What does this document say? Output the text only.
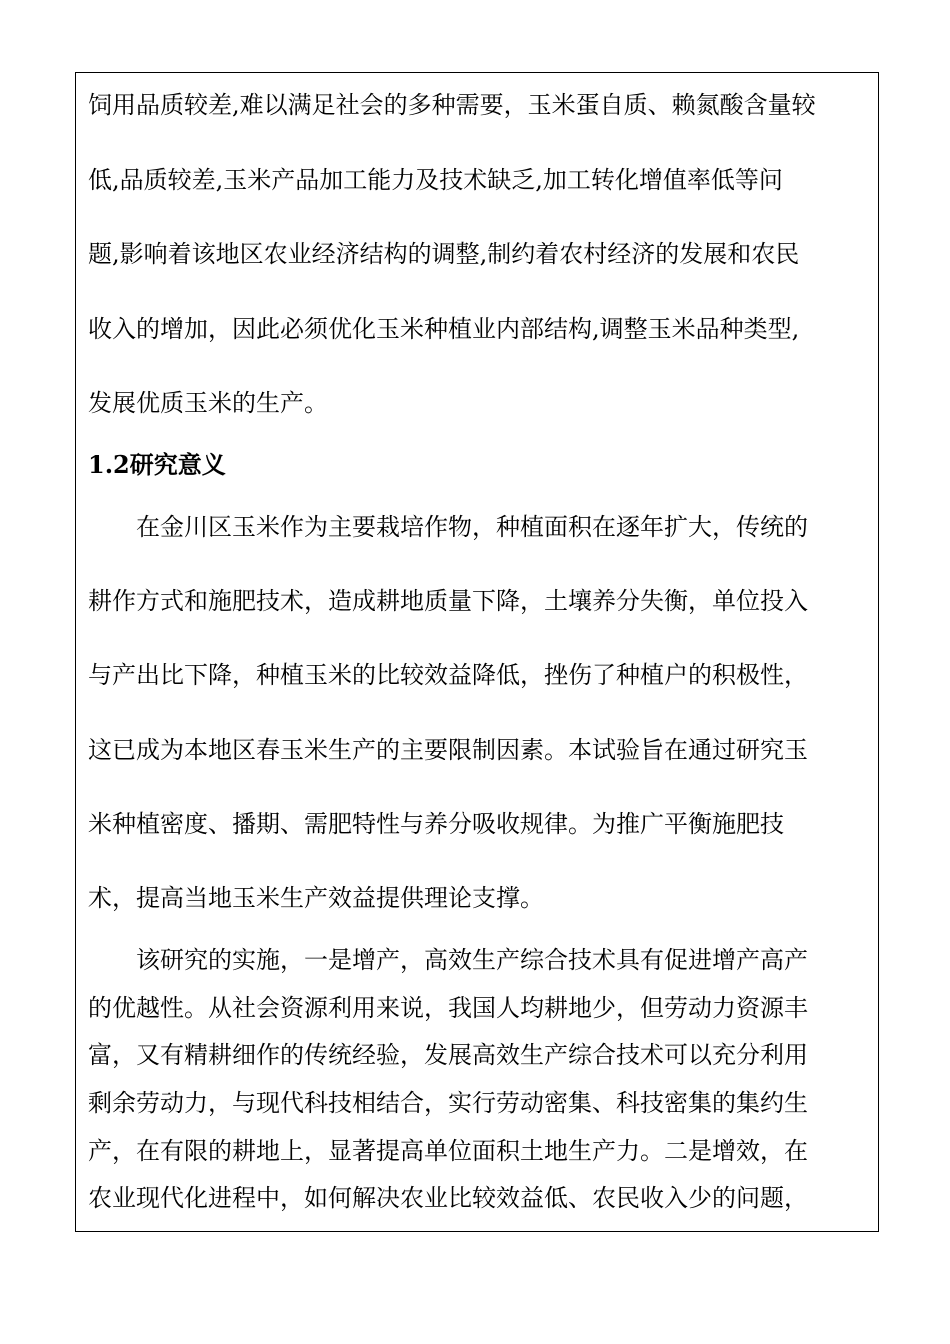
饲用品质较差,难以满足社会的多种需要，玉米蛋自质、赖氮酸含量较
低,品质较差,玉米产品加工能力及技术缺乏,加工转化增值率低等问
题,影响着该地区农业经济结构的调整,制约着农村经济的发展和农民
收入的增加，因此必须优化玉米种植业内部结构,调整玉米品种类型,
发展优质玉米的生产。
1.2研究意义
在金川区玉米作为主要栽培作物，种植面积在逐年扩大，传统的
耕作方式和施肥技术，造成耕地质量下降，土壤养分失衡，单位投入
与产出比下降，种植玉米的比较效益降低，挫伤了种植户的积极性，
这已成为本地区春玉米生产的主要限制因素。本试验旨在通过研究玉
米种植密度、播期、需肥特性与养分吸收规律。为推广平衡施肥技
术，提高当地玉米生产效益提供理论支撑。
该研究的实施，一是增产，高效生产综合技术具有促进增产高产
的优越性。从社会资源利用来说，我国人均耕地少，但劳动力资源丰
富，又有精耕细作的传统经验，发展高效生产综合技术可以充分利用
剩余劳动力，与现代科技相结合，实行劳动密集、科技密集的集约生
产，在有限的耕地上，显著提高单位面积土地生产力。二是增效，在
农业现代化进程中，如何解决农业比较效益低、农民收入少的问题，
